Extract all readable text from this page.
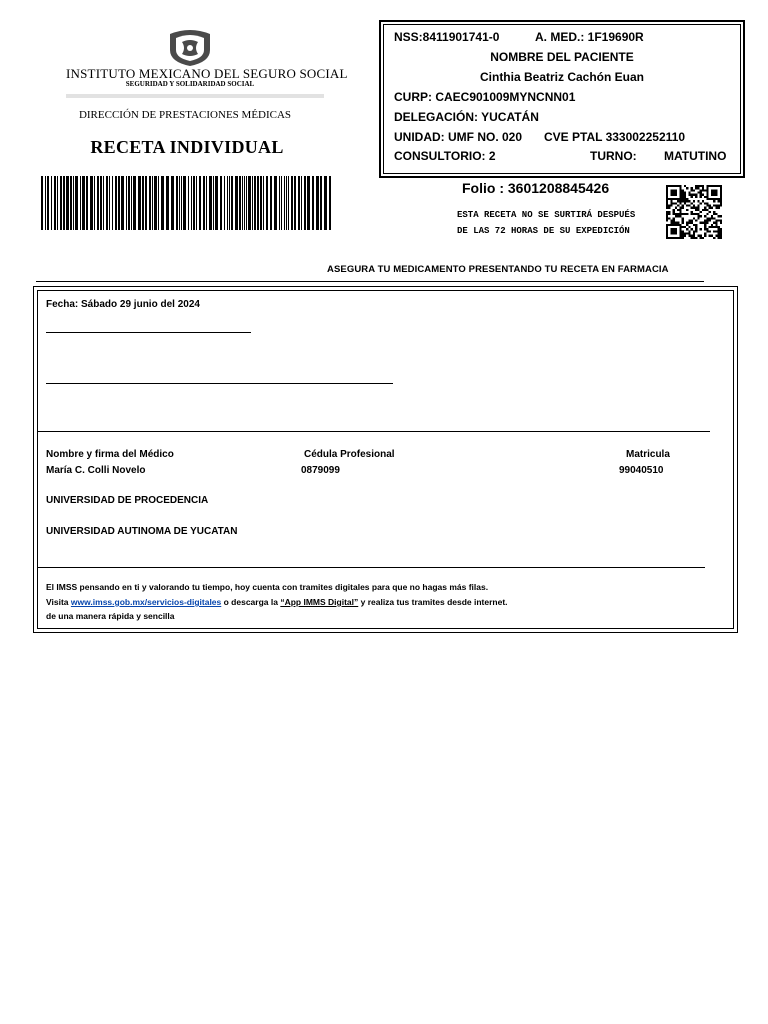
INSTITUTO MEXICANO DEL SEGURO SOCIAL
SEGURIDAD Y SOLIDARIDAD SOCIAL
DIRECCIÓN DE PRESTACIONES MÉDICAS
RECETA INDIVIDUAL
NSS:8411901741-0	A. MED.: 1F19690R
NOMBRE DEL PACIENTE
Cinthia Beatriz Cachón Euan
CURP: CAEC901009MYNCNN01
DELEGACIÓN: YUCATÁN
UNIDAD: UMF NO. 020 CVE PTAL 333002252110
CONSULTORIO: 2	TURNO: MATUTINO
Folio : 3601208845426
ESTA RECETA NO SE SURTIRÁ DESPUÉS
DE LAS 72 HORAS DE SU EXPEDICIÓN
ASEGURA TU MEDICAMENTO PRESENTANDO TU RECETA EN FARMACIA
Fecha: Sábado 29 junio del 2024
Nombre y firma del Médico	Cédula Profesional	Matricula
María C. Colli Novelo	0879099	99040510
UNIVERSIDAD DE PROCEDENCIA
UNIVERSIDAD AUTINOMA DE YUCATAN
El IMSS pensando en ti y valorando tu tiempo, hoy cuenta con tramites digitales para que no hagas más filas.
Visita www.imss.gob.mx/servicios-digitales o descarga la “App IMMS Digital” y realiza tus tramites desde internet.
de una manera rápida y sencilla
